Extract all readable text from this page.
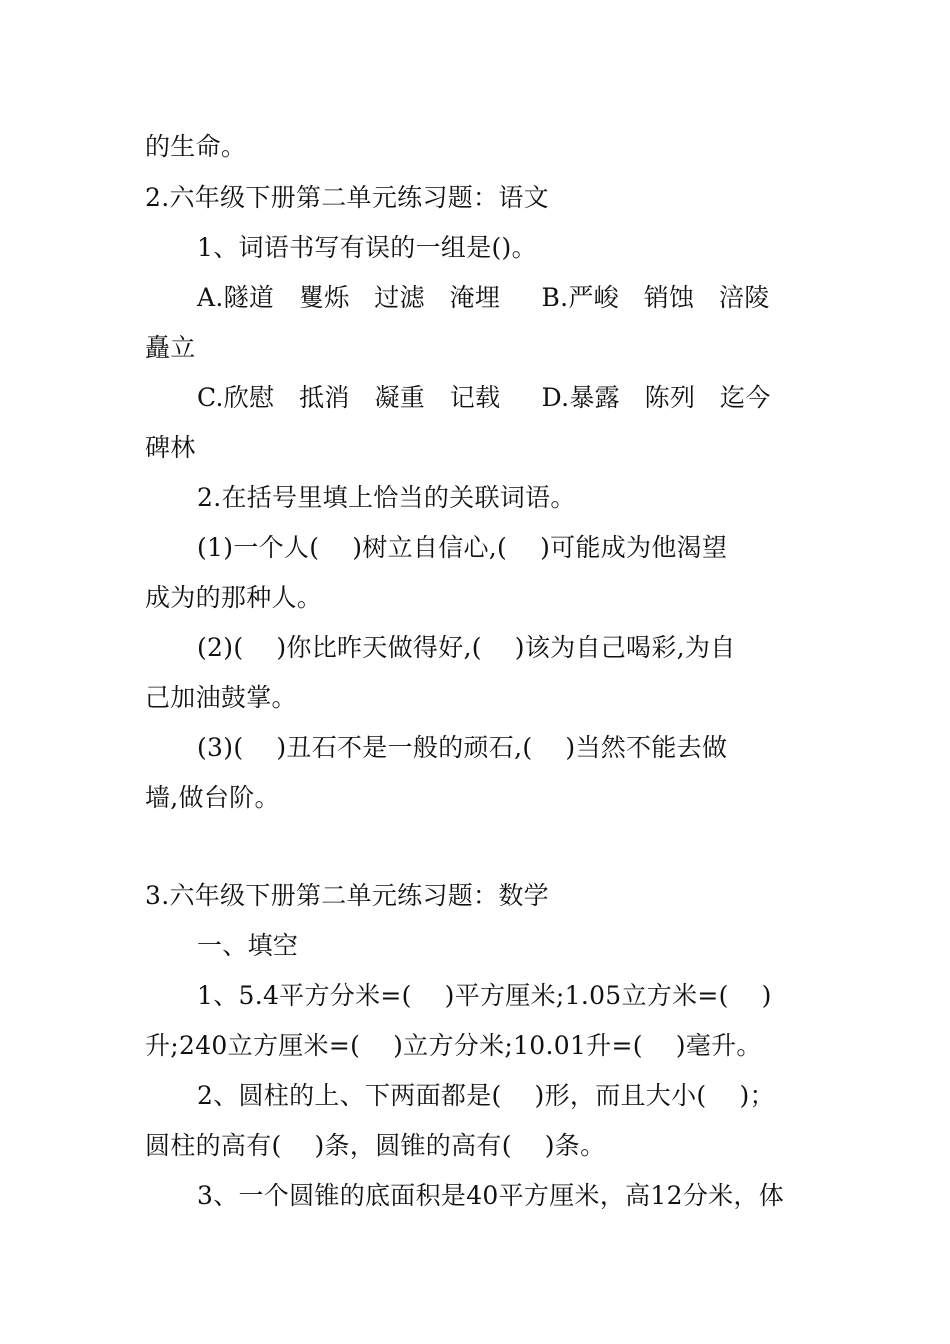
的生命。
2.六年级下册第二单元练习题：语文
1、词语书写有误的一组是()。
A.隧道   矍烁   过滤   淹埋     B.严峻   销蚀   涪陵
矗立
C.欣慰   抵消   凝重   记载     D.暴露   陈列   迄今
碑林
2.在括号里填上恰当的关联词语。
(1)一个人(    )树立自信心,(    )可能成为他渴望
成为的那种人。
(2)(    )你比昨天做得好,(    )该为自己喝彩,为自
己加油鼓掌。
(3)(    )丑石不是一般的顽石,(    )当然不能去做
墙,做台阶。
3.六年级下册第二单元练习题：数学
一、填空
1、5.4平方分米=(    )平方厘米;1.05立方米=(    )
升;240立方厘米=(    )立方分米;10.01升=(    )毫升。
2、圆柱的上、下两面都是(    )形，而且大小(    )；
圆柱的高有(    )条，圆锥的高有(    )条。
3、一个圆锥的底面积是40平方厘米，高12分米，体
